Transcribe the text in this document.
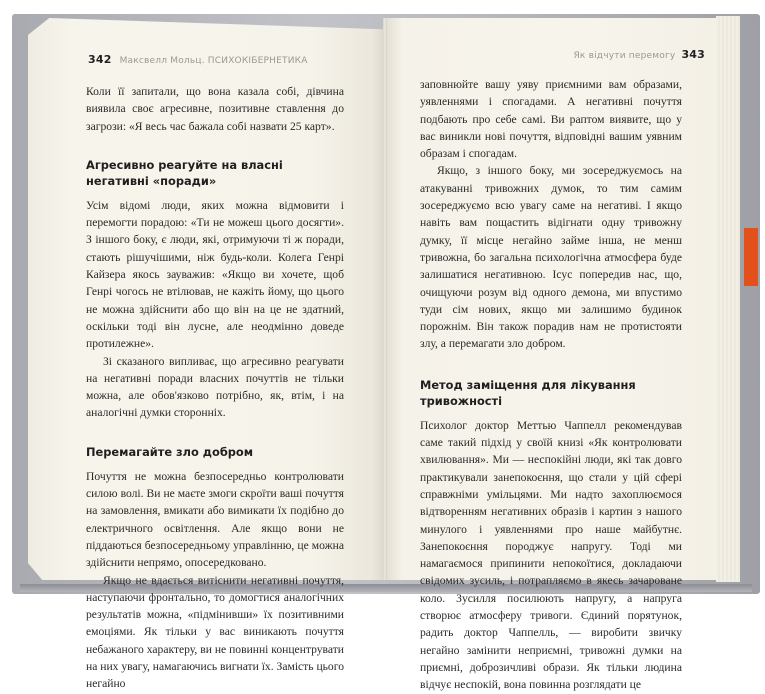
342 Максвелл Мольц. ПСИХОКІБЕРНЕТИКА	Як відчути перемогу 343

Коли її запитали, що вона казала собі, дівчина виявила своє агресивне, позитивне ставлення до загрози: «Я весь час бажала собі назвати 25 карт».

Агресивно реагуйте на власні негативні «поради»

Усім відомі люди, яких можна відмовити і перемогти порадою: «Ти не можеш цього досягти». З іншого боку, є люди, які, отримуючи ті ж поради, стають рішучішими, ніж будь-коли. Колега Генрі Кайзера якось зауважив: «Якщо ви хочете, щоб Генрі чогось не втілював, не кажіть йому, що цього не можна здійснити або що він на це не здатний, оскільки тоді він лусне, але неодмінно доведе протилежне».

Зі сказаного випливає, що агресивно реагувати на негативні поради власних почуттів не тільки можна, але обов'язково потрібно, як, втім, і на аналогічні думки сторонніх.

Перемагайте зло добром

Почуття не можна безпосередньо контролювати силою волі. Ви не маєте змоги скроїти ваші почуття на замовлення, вмикати або вимикати їх подібно до електричного освітлення. Але якщо вони не піддаються безпосередньому управлінню, це можна здійснити непрямо, опосередковано.

Якщо не вдається витіснити негативні почуття, наступаючи фронтально, то домогтися аналогічних результатів можна, «підмінивши» їх позитивними емоціями. Як тільки у вас виникають почуття небажаного характеру, ви не повинні концентрувати на них увагу, намагаючись вигнати їх. Замість цього негайно

заповнюйте вашу уяву приємними вам образами, уявленнями і спогадами. А негативні почуття подбають про себе самі. Ви раптом виявите, що у вас виникли нові почуття, відповідні вашим уявним образам і спогадам.

Якщо, з іншого боку, ми зосереджуємось на атакуванні тривожних думок, то тим самим зосереджуємо всю увагу саме на негативі. І якщо навіть вам пощастить відігнати одну тривожну думку, її місце негайно займе інша, не менш тривожна, бо загальна психологічна атмосфера буде залишатися негативною. Ісус попередив нас, що, очищуючи розум від одного демона, ми впустимо туди сім нових, якщо ми залишимо будинок порожнім. Він також порадив нам не протистояти злу, а перемагати зло добром.

Метод заміщення для лікування тривожності

Психолог доктор Меттью Чаппелл рекомендував саме такий підхід у своїй книзі «Як контролювати хвилювання». Ми — неспокійні люди, які так довго практикували занепокоєння, що стали у цій сфері справжніми умільцями. Ми надто захоплюємося відтворенням негативних образів і картин з нашого минулого і уявленнями про наше майбутнє. Занепокоєння породжує напругу. Тоді ми намагаємося припинити непокоїтися, докладаючи свідомих зусиль, і потрапляємо в якесь зачароване коло. Зусилля посилюють напругу, а напруга створює атмосферу тривоги. Єдиний порятунок, радить доктор Чаппелль, — виробити звичку негайно замінити неприємні, тривожні думки на приємні, доброзичливі образи. Як тільки людина відчує неспокій, вона повинна розглядати це
